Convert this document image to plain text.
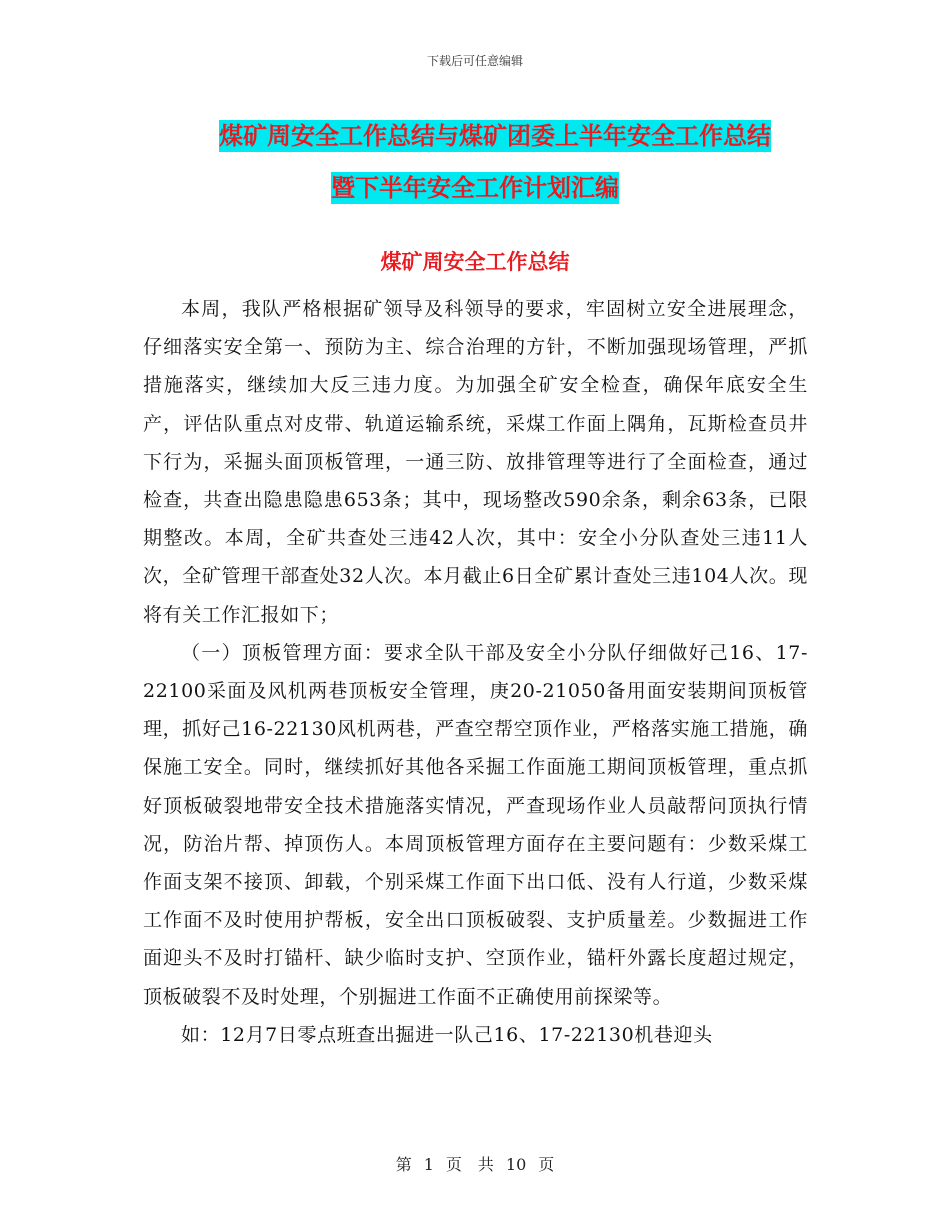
下载后可任意编辑
煤矿周安全工作总结与煤矿团委上半年安全工作总结
暨下半年安全工作计划汇编
煤矿周安全工作总结

本周，我队严格根据矿领导及科领导的要求，牢固树立安全进展理念，仔细落实安全第一、预防为主、综合治理的方针，不断加强现场管理，严抓措施落实，继续加大反三违力度。为加强全矿安全检查，确保年底安全生产，评估队重点对皮带、轨道运输系统，采煤工作面上隅角，瓦斯检查员井下行为，采掘头面顶板管理，一通三防、放排管理等进行了全面检查，通过检查，共查出隐患隐患653条；其中，现场整改590余条，剩余63条，已限期整改。本周，全矿共查处三违42人次，其中：安全小分队查处三违11人次，全矿管理干部查处32人次。本月截止6日全矿累计查处三违104人次。现将有关工作汇报如下；

（一）顶板管理方面：要求全队干部及安全小分队仔细做好己16、17-22100采面及风机两巷顶板安全管理，庚20-21050备用面安装期间顶板管理，抓好己16-22130风机两巷，严查空帮空顶作业，严格落实施工措施，确保施工安全。同时，继续抓好其他各采掘工作面施工期间顶板管理，重点抓好顶板破裂地带安全技术措施落实情况，严查现场作业人员敲帮问顶执行情况，防治片帮、掉顶伤人。本周顶板管理方面存在主要问题有：少数采煤工作面支架不接顶、卸载，个别采煤工作面下出口低、没有人行道，少数采煤工作面不及时使用护帮板，安全出口顶板破裂、支护质量差。少数掘进工作面迎头不及时打锚杆、缺少临时支护、空顶作业，锚杆外露长度超过规定，顶板破裂不及时处理，个别掘进工作面不正确使用前探梁等。

如：12月7日零点班查出掘进一队己16、17-22130机巷迎头

第 1 页　共 10 页
